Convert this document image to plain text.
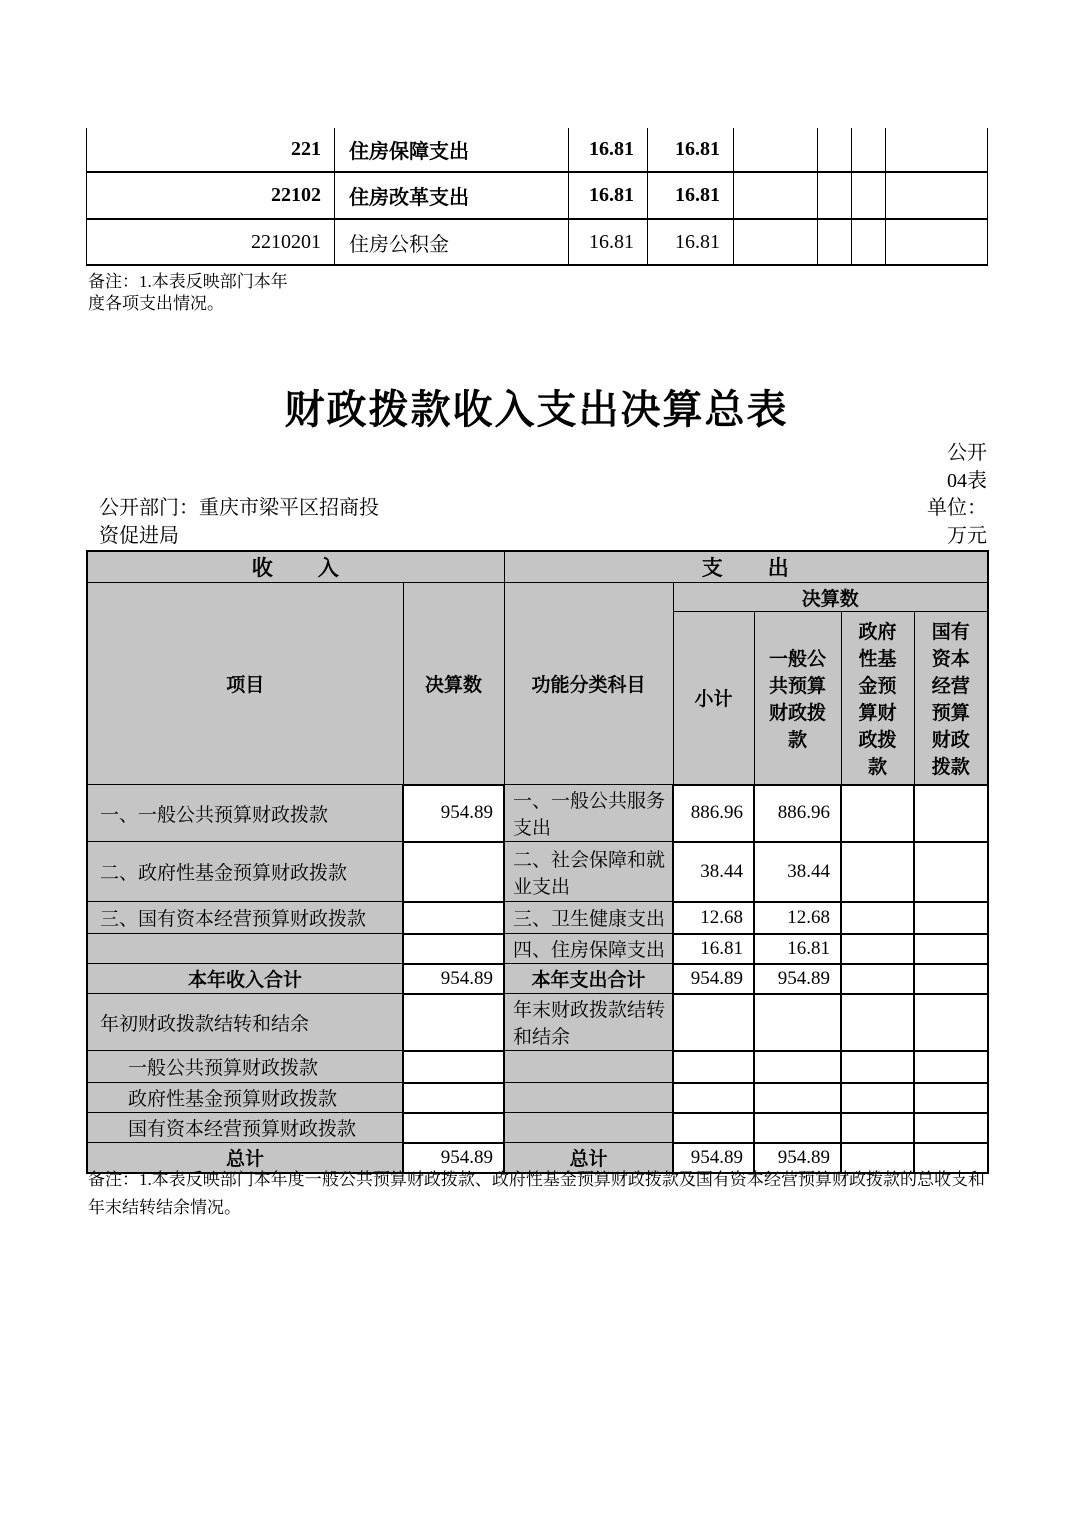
221	住房保障支出	16.81	16.81				
22102	住房改革支出	16.81	16.81				
2210201	住房公积金	16.81	16.81				
备注：1.本表反映部门本年
度各项支出情况。
财政拨款收入支出决算总表
公开
04表
单位：
万元
公开部门：重庆市梁平区招商投
资促进局
收　　入		支　　出				
项目	决算数	功能分类科目	决算数			
			小计	一般公共预算财政拨款	政府性基金预算财政拨款	国有资本经营预算财政拨款
一、一般公共预算财政拨款	954.89	一、一般公共服务支出	886.96	886.96		
二、政府性基金预算财政拨款		二、社会保障和就业支出	38.44	38.44		
三、国有资本经营预算财政拨款		三、卫生健康支出	12.68	12.68		
		四、住房保障支出	16.81	16.81		
本年收入合计	954.89	本年支出合计	954.89	954.89		
年初财政拨款结转和结余		年末财政拨款结转和结余				
一般公共预算财政拨款						
政府性基金预算财政拨款						
国有资本经营预算财政拨款						
总计	954.89	总计	954.89	954.89		
备注：1.本表反映部门本年度一般公共预算财政拨款、政府性基金预算财政拨款及国有资本经营预算财政拨款的总收支和年末结转结余情况。
